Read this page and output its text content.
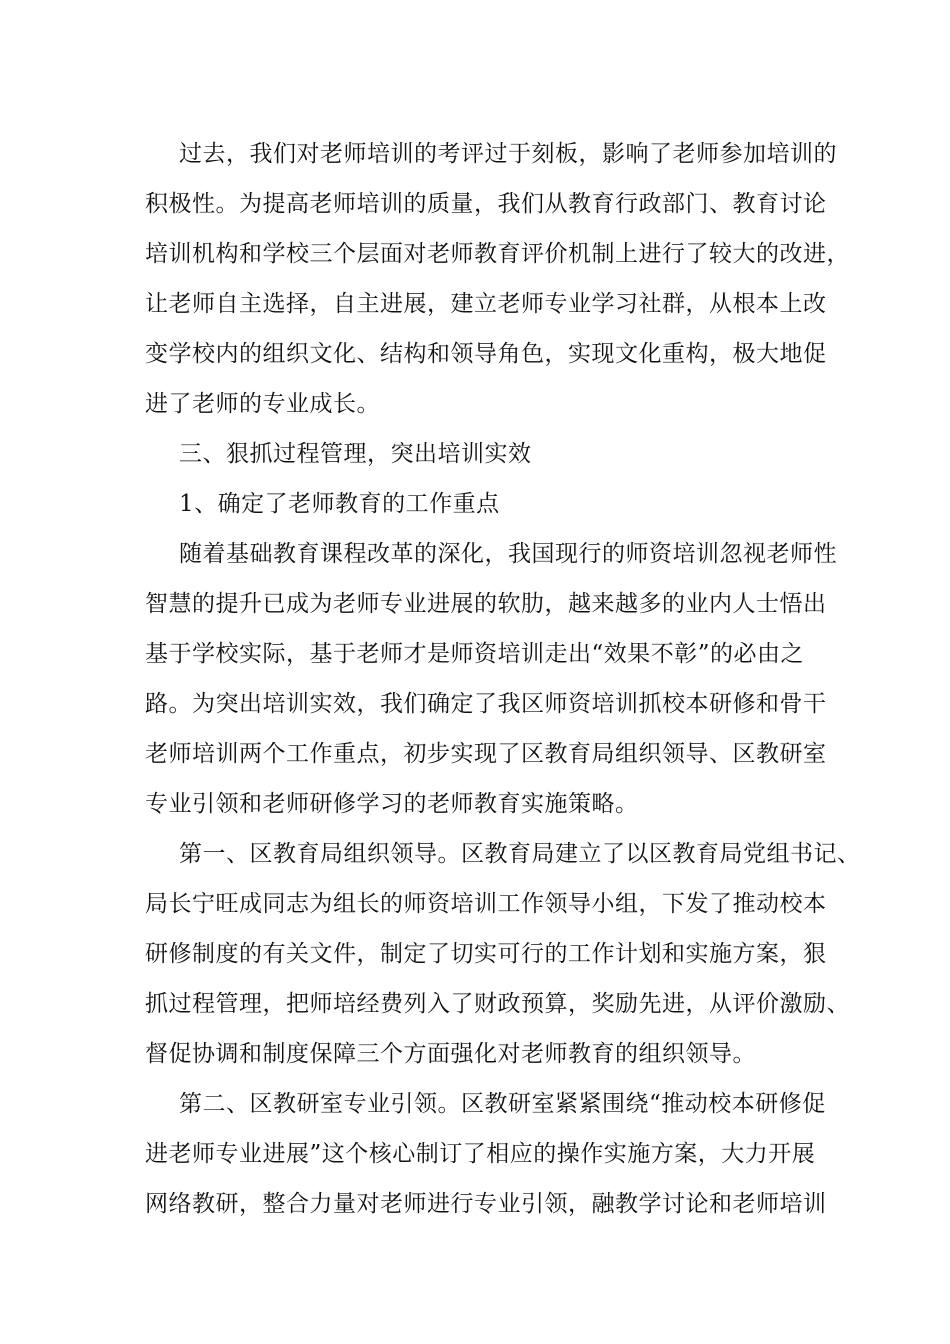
过去，我们对老师培训的考评过于刻板，影响了老师参加培训的
积极性。为提高老师培训的质量，我们从教育行政部门、教育讨论
培训机构和学校三个层面对老师教育评价机制上进行了较大的改进，
让老师自主选择，自主进展，建立老师专业学习社群，从根本上改
变学校内的组织文化、结构和领导角色，实现文化重构，极大地促
进了老师的专业成长。
三、狠抓过程管理，突出培训实效
1、确定了老师教育的工作重点
随着基础教育课程改革的深化，我国现行的师资培训忽视老师性
智慧的提升已成为老师专业进展的软肋，越来越多的业内人士悟出
基于学校实际，基于老师才是师资培训走出“效果不彰”的必由之
路。为突出培训实效，我们确定了我区师资培训抓校本研修和骨干
老师培训两个工作重点，初步实现了区教育局组织领导、区教研室
专业引领和老师研修学习的老师教育实施策略。
第一、区教育局组织领导。区教育局建立了以区教育局党组书记、
局长宁旺成同志为组长的师资培训工作领导小组，下发了推动校本
研修制度的有关文件，制定了切实可行的工作计划和实施方案，狠
抓过程管理，把师培经费列入了财政预算，奖励先进，从评价激励、
督促协调和制度保障三个方面强化对老师教育的组织领导。
第二、区教研室专业引领。区教研室紧紧围绕“推动校本研修促
进老师专业进展”这个核心制订了相应的操作实施方案，大力开展
网络教研，整合力量对老师进行专业引领，融教学讨论和老师培训
